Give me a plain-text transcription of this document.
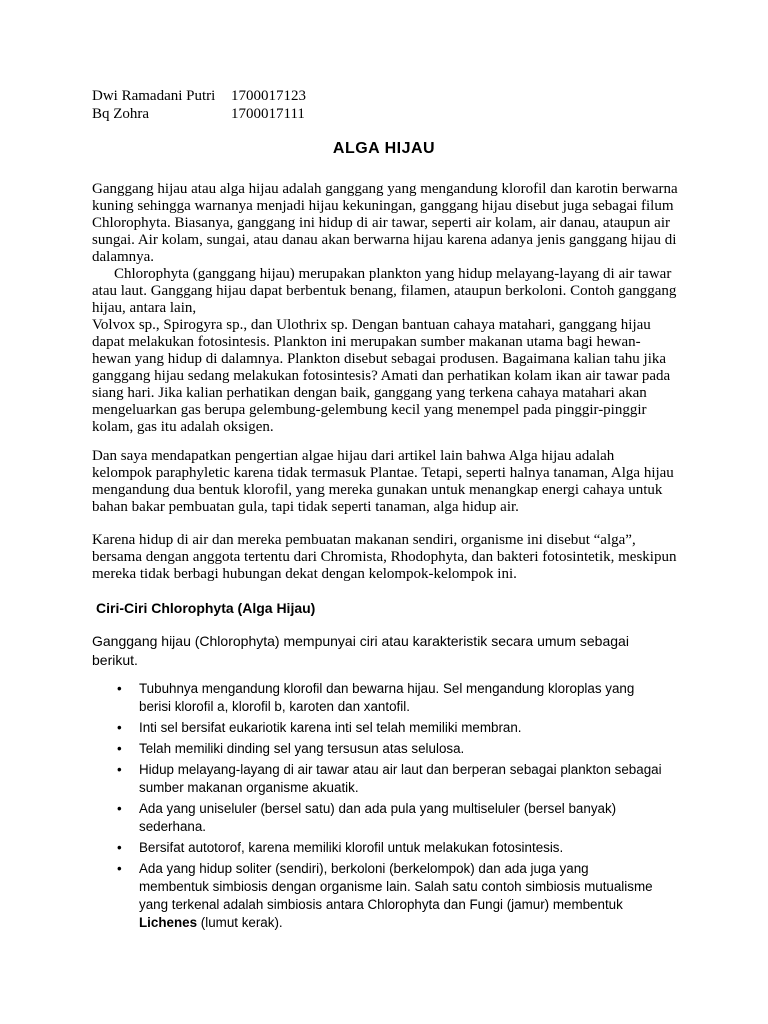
Dwi Ramadani Putri	1700017123
Bq Zohra	1700017111
ALGA HIJAU
Ganggang hijau atau alga hijau adalah ganggang yang mengandung klorofil dan karotin berwarna kuning sehingga warnanya menjadi hijau kekuningan, ganggang hijau disebut juga sebagai filum Chlorophyta. Biasanya, ganggang ini hidup di air tawar, seperti air kolam, air danau, ataupun air sungai. Air kolam, sungai, atau danau akan berwarna hijau karena adanya jenis ganggang hijau di dalamnya.
Chlorophyta (ganggang hijau) merupakan plankton yang hidup melayang-layang di air tawar atau laut. Ganggang hijau dapat berbentuk benang, filamen, ataupun berkoloni. Contoh ganggang hijau, antara lain,
Volvox sp., Spirogyra sp., dan Ulothrix sp. Dengan bantuan cahaya matahari, ganggang hijau dapat melakukan fotosintesis. Plankton ini merupakan sumber makanan utama bagi hewan-hewan yang hidup di dalamnya. Plankton disebut sebagai produsen. Bagaimana kalian tahu jika ganggang hijau sedang melakukan fotosintesis? Amati dan perhatikan kolam ikan air tawar pada siang hari. Jika kalian perhatikan dengan baik, ganggang yang terkena cahaya matahari akan mengeluarkan gas berupa gelembung-gelembung kecil yang menempel pada pinggir-pinggir kolam, gas itu adalah oksigen.
Dan saya mendapatkan pengertian algae hijau dari artikel lain bahwa Alga hijau adalah kelompok paraphyletic karena tidak termasuk Plantae. Tetapi, seperti halnya tanaman, Alga hijau mengandung dua bentuk klorofil, yang mereka gunakan untuk menangkap energi cahaya untuk bahan bakar pembuatan gula, tapi tidak seperti tanaman, alga hidup air.
Karena hidup di air dan mereka pembuatan makanan sendiri, organisme ini disebut “alga”, bersama dengan anggota tertentu dari Chromista, Rhodophyta, dan bakteri fotosintetik, meskipun mereka tidak berbagi hubungan dekat dengan kelompok-kelompok ini.
Ciri-Ciri Chlorophyta (Alga Hijau)
Ganggang hijau (Chlorophyta) mempunyai ciri atau karakteristik secara umum sebagai berikut.
• Tubuhnya mengandung klorofil dan bewarna hijau. Sel mengandung kloroplas yang berisi klorofil a, klorofil b, karoten dan xantofil.
• Inti sel bersifat eukariotik karena inti sel telah memiliki membran.
• Telah memiliki dinding sel yang tersusun atas selulosa.
• Hidup melayang-layang di air tawar atau air laut dan berperan sebagai plankton sebagai sumber makanan organisme akuatik.
• Ada yang uniseluler (bersel satu) dan ada pula yang multiseluler (bersel banyak) sederhana.
• Bersifat autotorof, karena memiliki klorofil untuk melakukan fotosintesis.
• Ada yang hidup soliter (sendiri), berkoloni (berkelompok) dan ada juga yang membentuk simbiosis dengan organisme lain. Salah satu contoh simbiosis mutualisme yang terkenal adalah simbiosis antara Chlorophyta dan Fungi (jamur) membentuk Lichenes (lumut kerak).
